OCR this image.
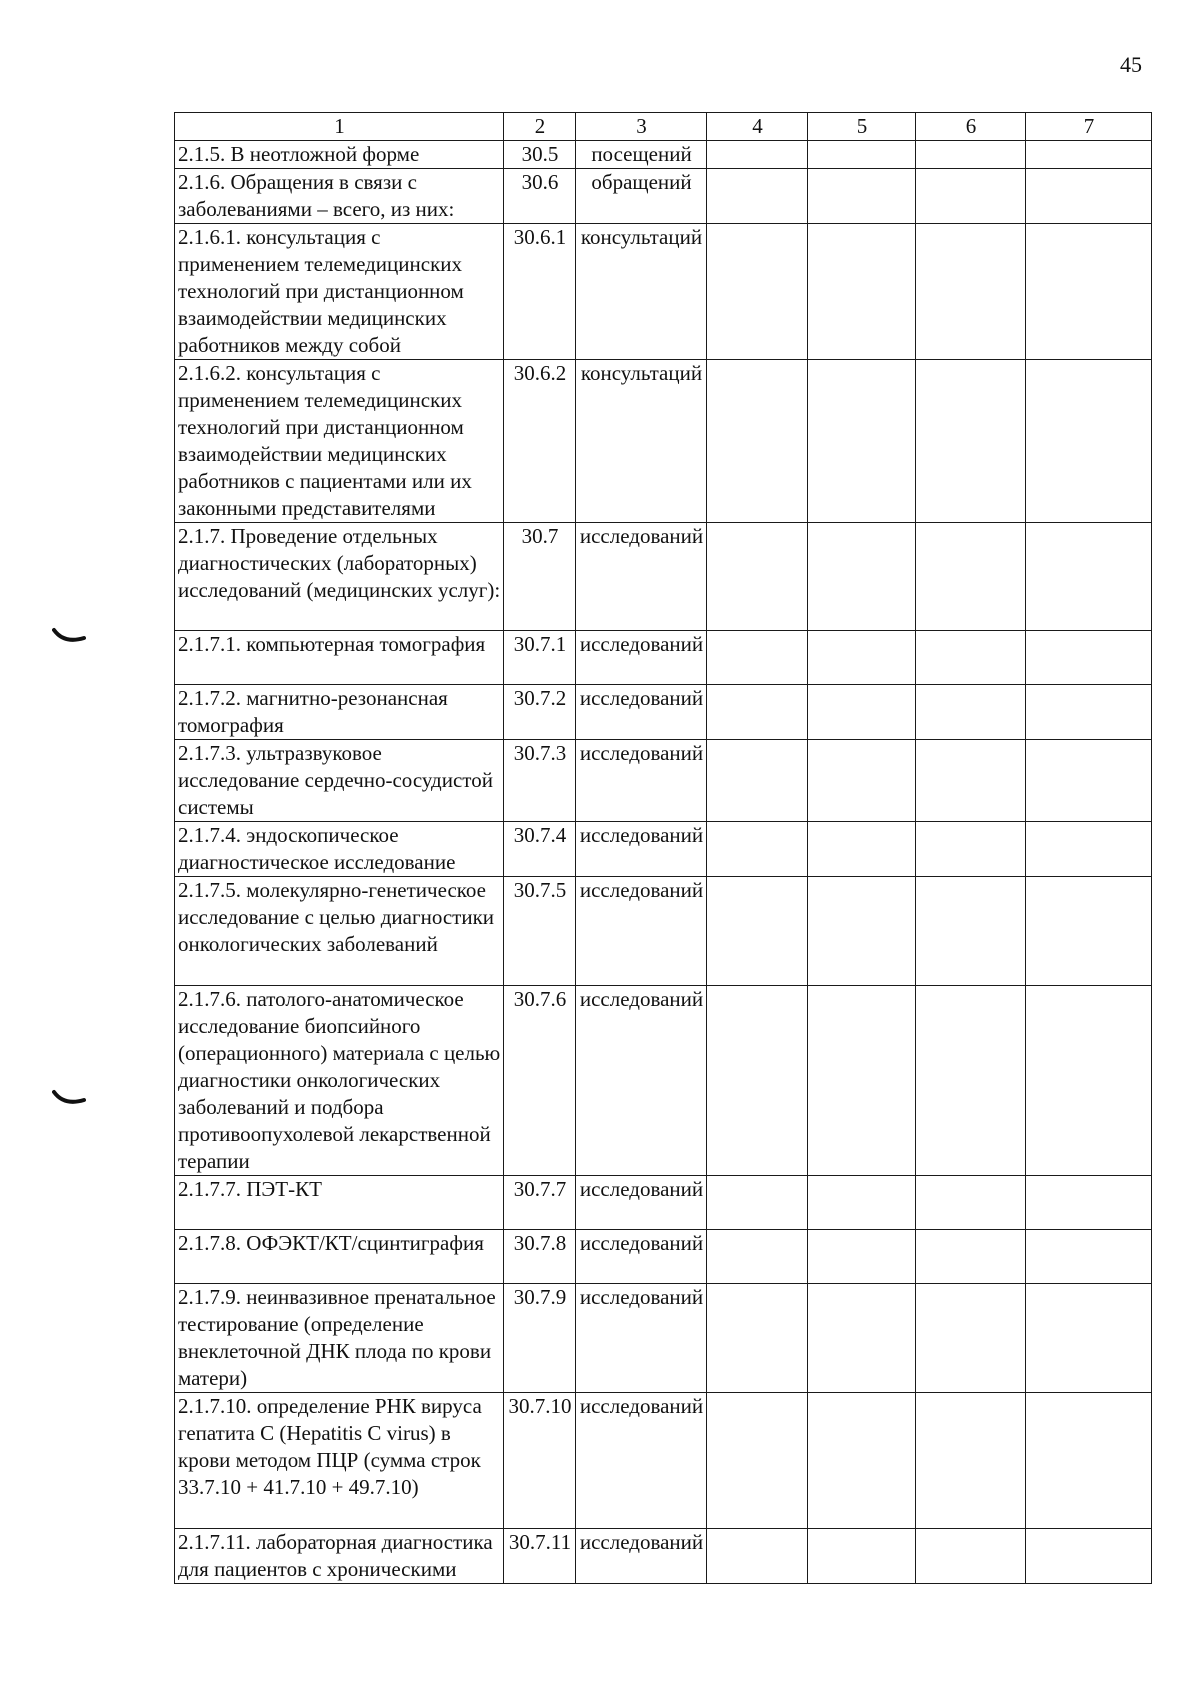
45
1	2	3	4	5	6	7
2.1.5. В неотложной форме	30.5	посещений				
2.1.6. Обращения в связи с заболеваниями – всего, из них:	30.6	обращений				
2.1.6.1. консультация с применением телемедицинских технологий при дистанционном взаимодействии медицинских работников между собой	30.6.1	консультаций				
2.1.6.2. консультация с применением телемедицинских технологий при дистанционном взаимодействии медицинских работников с пациентами или их законными представителями	30.6.2	консультаций				
2.1.7. Проведение отдельных диагностических (лабораторных) исследований (медицинских услуг):	30.7	исследований				
2.1.7.1. компьютерная томография	30.7.1	исследований				
2.1.7.2. магнитно-резонансная томография	30.7.2	исследований				
2.1.7.3. ультразвуковое исследование сердечно-сосудистой системы	30.7.3	исследований				
2.1.7.4. эндоскопическое диагностическое исследование	30.7.4	исследований				
2.1.7.5. молекулярно-генетическое исследование с целью диагностики онкологических заболеваний	30.7.5	исследований				
2.1.7.6. патолого-анатомическое исследование биопсийного (операционного) материала с целью диагностики онкологических заболеваний и подбора противоопухолевой лекарственной терапии	30.7.6	исследований				
2.1.7.7. ПЭТ-КТ	30.7.7	исследований				
2.1.7.8. ОФЭКТ/КТ/сцинтиграфия	30.7.8	исследований				
2.1.7.9. неинвазивное пренатальное тестирование (определение внеклеточной ДНК плода по крови матери)	30.7.9	исследований				
2.1.7.10. определение РНК вируса гепатита C (Hepatitis C virus) в крови методом ПЦР (сумма строк 33.7.10 + 41.7.10 + 49.7.10)	30.7.10	исследований				
2.1.7.11. лабораторная диагностика для пациентов с хроническими	30.7.11	исследований				
